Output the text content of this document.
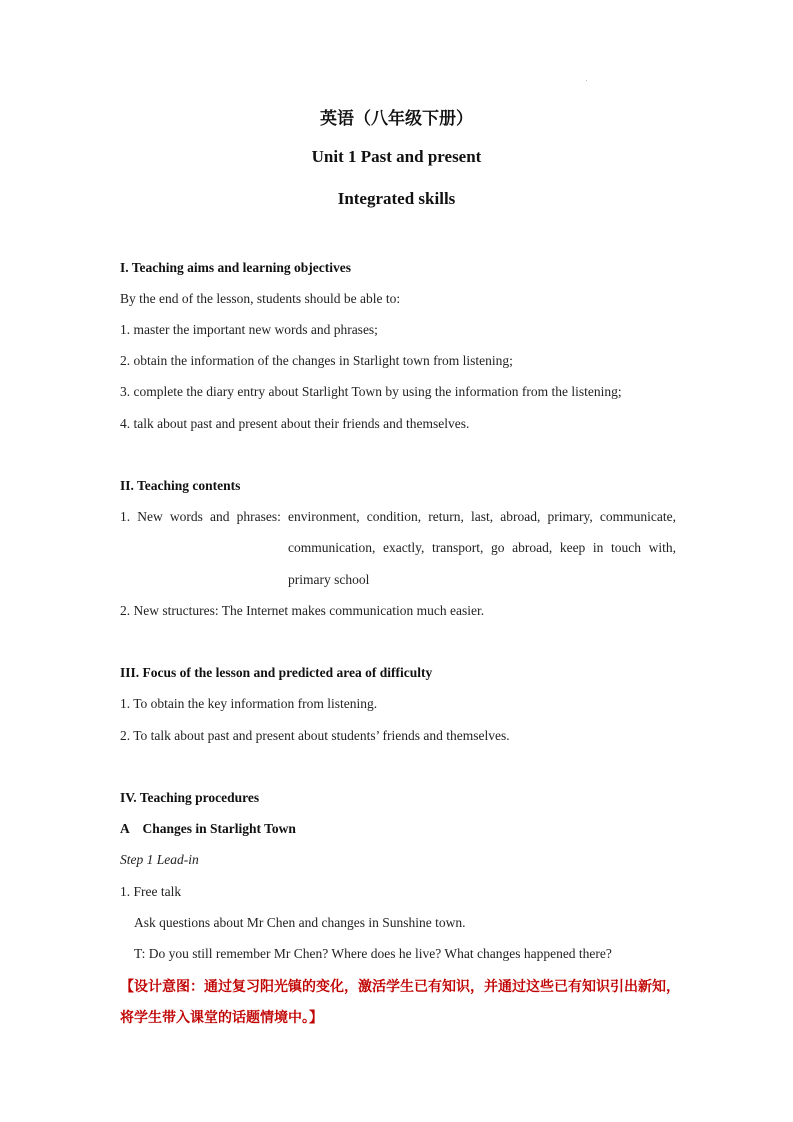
英语（八年级下册）
Unit 1 Past and present
Integrated skills
I. Teaching aims and learning objectives
By the end of the lesson, students should be able to:
1. master the important new words and phrases;
2. obtain the information of the changes in Starlight town from listening;
3. complete the diary entry about Starlight Town by using the information from the listening;
4. talk about past and present about their friends and themselves.
II. Teaching contents
1. New words and phrases: environment, condition, return, last, abroad, primary, communicate,
communication, exactly, transport, go abroad, keep in touch with,
primary school
2. New structures: The Internet makes communication much easier.
III. Focus of the lesson and predicted area of difficulty
1. To obtain the key information from listening.
2. To talk about past and present about students’ friends and themselves.
IV. Teaching procedures
A    Changes in Starlight Town
Step 1 Lead-in
1. Free talk
Ask questions about Mr Chen and changes in Sunshine town.
T: Do you still remember Mr Chen? Where does he live? What changes happened there?
【设计意图：通过复习阳光镇的变化，激活学生已有知识，并通过这些已有知识引出新知，
将学生带入课堂的话题情境中。】
